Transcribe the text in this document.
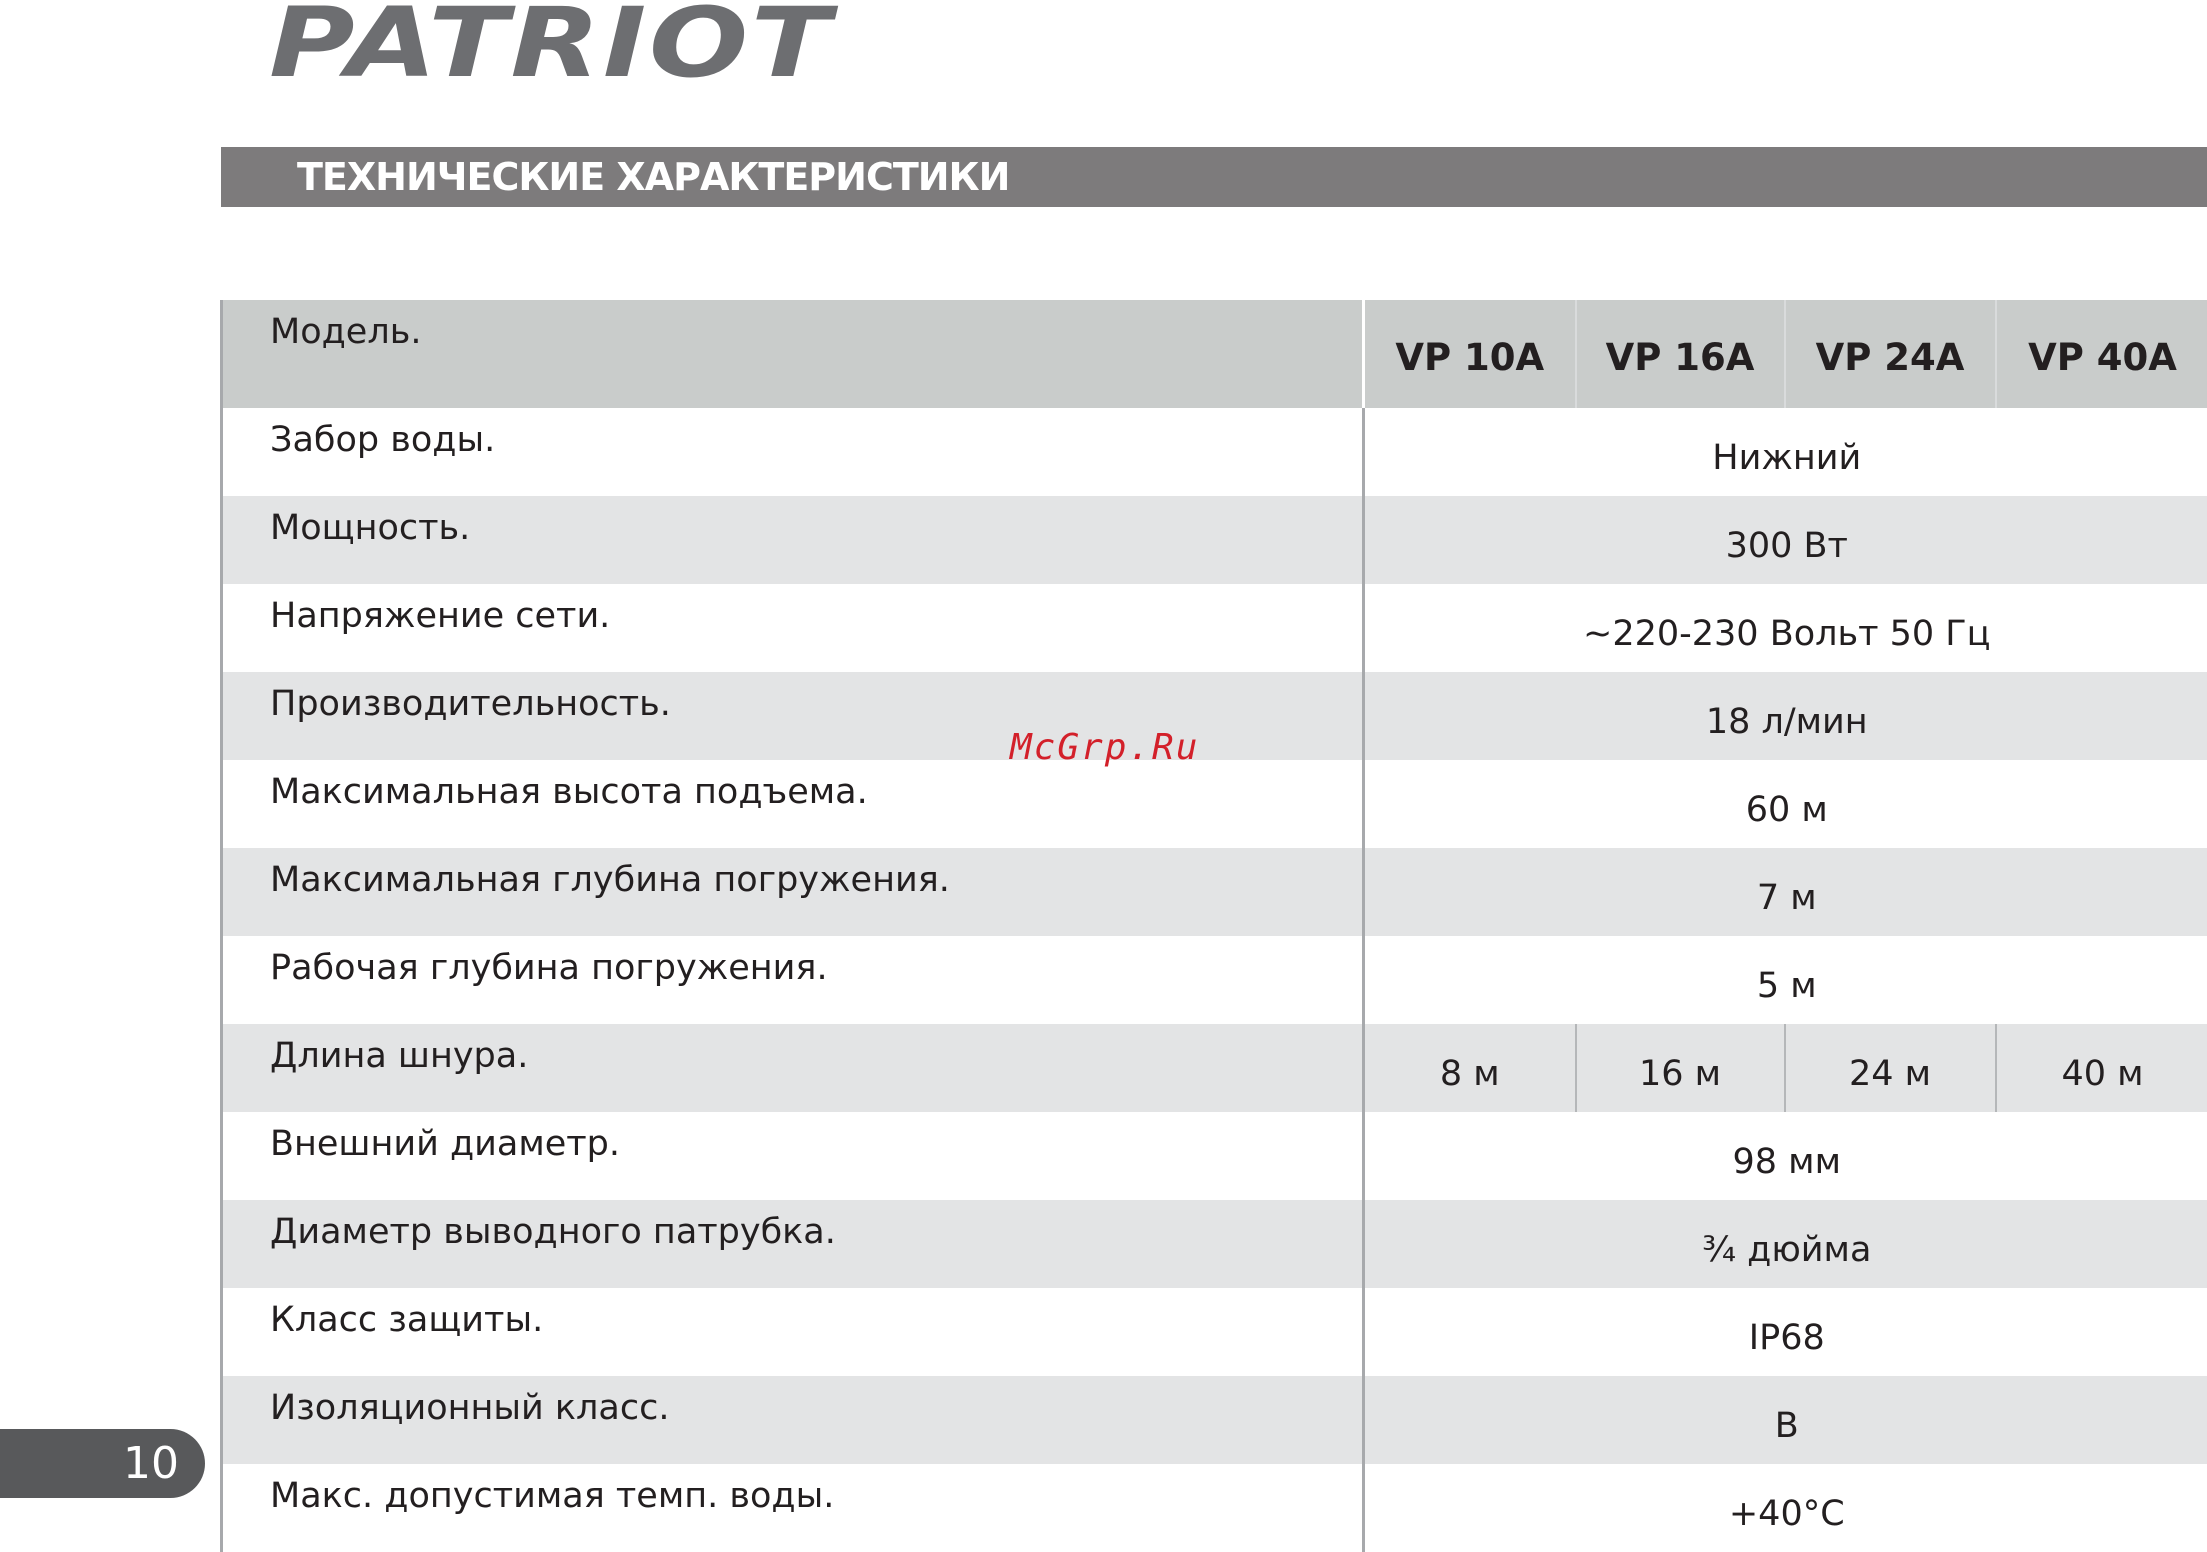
PATRIOT
ТЕХНИЧЕСКИЕ ХАРАКТЕРИСТИКИ
Модель.	VP 10A	VP 16A	VP 24A	VP 40A
Забор воды.	Нижний			
Мощность.	300 Вт			
Напряжение сети.	~220-230 Вольт 50 Гц			
Производительность.	18 л/мин			
Максимальная высота подъема.	60 м			
Максимальная глубина погружения.	7 м			
Рабочая глубина погружения.	5 м			
Длина шнура.	8 м	16 м	24 м	40 м
Внешний диаметр.	98 мм			
Диаметр выводного патрубка.	¾ дюйма			
Класс защиты.	IP68			
Изоляционный класс.	B			
Макс. допустимая темп. воды.	+40°C			
McGrp.Ru
10
